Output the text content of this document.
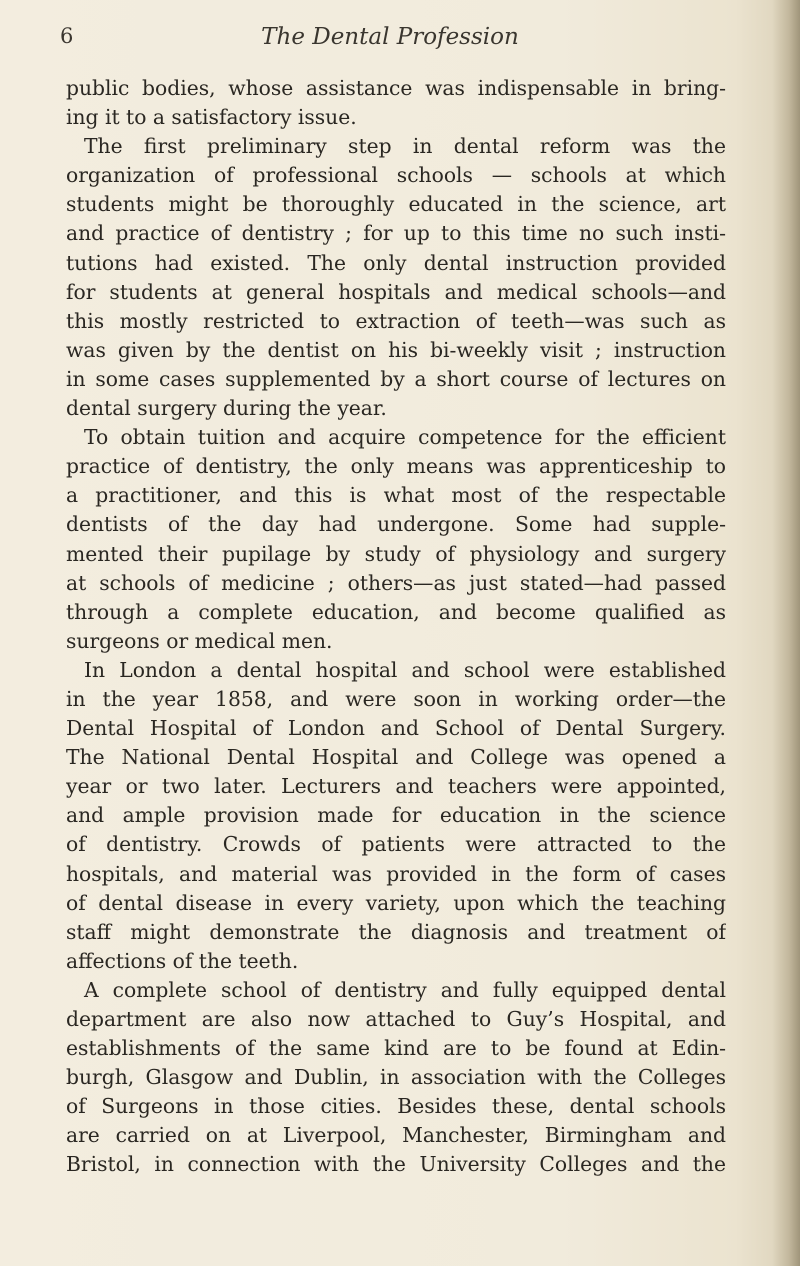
6	The Dental Profession
public bodies, whose assistance was indispensable in bring-
ing it to a satisfactory issue.
The first preliminary step in dental reform was the
organization of professional schools — schools at which
students might be thoroughly educated in the science, art
and practice of dentistry ; for up to this time no such insti-
tutions had existed. The only dental instruction provided
for students at general hospitals and medical schools—and
this mostly restricted to extraction of teeth—was such as
was given by the dentist on his bi-weekly visit ; instruction
in some cases supplemented by a short course of lectures on
dental surgery during the year.
To obtain tuition and acquire competence for the efficient
practice of dentistry, the only means was apprenticeship to
a practitioner, and this is what most of the respectable
dentists of the day had undergone. Some had supple-
mented their pupilage by study of physiology and surgery
at schools of medicine ; others—as just stated—had passed
through a complete education, and become qualified as
surgeons or medical men.
In London a dental hospital and school were established
in the year 1858, and were soon in working order—the
Dental Hospital of London and School of Dental Surgery.
The National Dental Hospital and College was opened a
year or two later. Lecturers and teachers were appointed,
and ample provision made for education in the science
of dentistry. Crowds of patients were attracted to the
hospitals, and material was provided in the form of cases
of dental disease in every variety, upon which the teaching
staff might demonstrate the diagnosis and treatment of
affections of the teeth.
A complete school of dentistry and fully equipped dental
department are also now attached to Guy’s Hospital, and
establishments of the same kind are to be found at Edin-
burgh, Glasgow and Dublin, in association with the Colleges
of Surgeons in those cities. Besides these, dental schools
are carried on at Liverpool, Manchester, Birmingham and
Bristol, in connection with the University Colleges and the
